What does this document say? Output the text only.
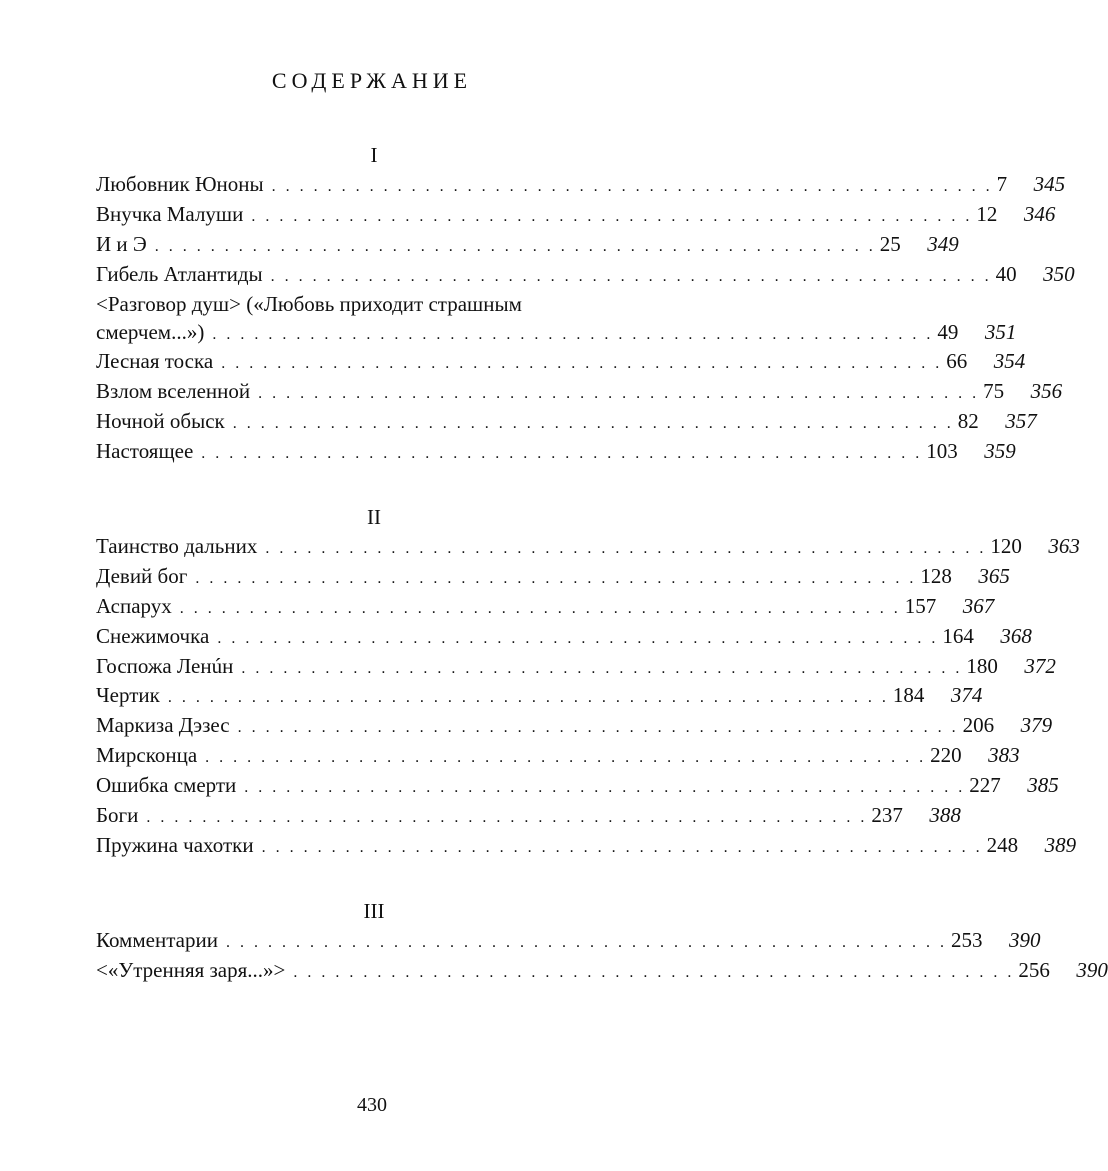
СОДЕРЖАНИЕ
I
Любовник Юноны . . . . . . . . . . . . . . . . . . . . . . . . . . . . . . . . . . . . . . . . . . . . . . . . . . . . 7	345
Внучка Малуши . . . . . . . . . . . . . . . . . . . . . . . . . . . . . . . . . . . . . . . . . . . . . . . . . . . . 12	346
И и Э . . . . . . . . . . . . . . . . . . . . . . . . . . . . . . . . . . . . . . . . . . . . . . . . . . . . 25	349
Гибель Атлантиды . . . . . . . . . . . . . . . . . . . . . . . . . . . . . . . . . . . . . . . . . . . . . . . . . . . . 40	350
<Разговор душ> («Любовь приходит страшным
смерчем...») . . . . . . . . . . . . . . . . . . . . . . . . . . . . . . . . . . . . . . . . . . . . . . . . . . . . 49	351
Лесная тоска . . . . . . . . . . . . . . . . . . . . . . . . . . . . . . . . . . . . . . . . . . . . . . . . . . . . 66	354
Взлом вселенной . . . . . . . . . . . . . . . . . . . . . . . . . . . . . . . . . . . . . . . . . . . . . . . . . . . . 75	356
Ночной обыск . . . . . . . . . . . . . . . . . . . . . . . . . . . . . . . . . . . . . . . . . . . . . . . . . . . . 82	357
Настоящее . . . . . . . . . . . . . . . . . . . . . . . . . . . . . . . . . . . . . . . . . . . . . . . . . . . . 103	359
II
Таинство дальних . . . . . . . . . . . . . . . . . . . . . . . . . . . . . . . . . . . . . . . . . . . . . . . . . . . . 120	363
Девий бог . . . . . . . . . . . . . . . . . . . . . . . . . . . . . . . . . . . . . . . . . . . . . . . . . . . . 128	365
Аспарух . . . . . . . . . . . . . . . . . . . . . . . . . . . . . . . . . . . . . . . . . . . . . . . . . . . . 157	367
Снежимочка . . . . . . . . . . . . . . . . . . . . . . . . . . . . . . . . . . . . . . . . . . . . . . . . . . . . 164	368
Госпожа Ленúн . . . . . . . . . . . . . . . . . . . . . . . . . . . . . . . . . . . . . . . . . . . . . . . . . . . . 180	372
Чертик . . . . . . . . . . . . . . . . . . . . . . . . . . . . . . . . . . . . . . . . . . . . . . . . . . . . 184	374
Маркиза Дэзес . . . . . . . . . . . . . . . . . . . . . . . . . . . . . . . . . . . . . . . . . . . . . . . . . . . . 206	379
Мирсконца . . . . . . . . . . . . . . . . . . . . . . . . . . . . . . . . . . . . . . . . . . . . . . . . . . . . 220	383
Ошибка смерти . . . . . . . . . . . . . . . . . . . . . . . . . . . . . . . . . . . . . . . . . . . . . . . . . . . . 227	385
Боги . . . . . . . . . . . . . . . . . . . . . . . . . . . . . . . . . . . . . . . . . . . . . . . . . . . . 237	388
Пружина чахотки . . . . . . . . . . . . . . . . . . . . . . . . . . . . . . . . . . . . . . . . . . . . . . . . . . . . 248	389
III
Комментарии . . . . . . . . . . . . . . . . . . . . . . . . . . . . . . . . . . . . . . . . . . . . . . . . . . . . 253	390
<«Утренняя заря...»> . . . . . . . . . . . . . . . . . . . . . . . . . . . . . . . . . . . . . . . . . . . . . . . . . . . . 256	390
430
